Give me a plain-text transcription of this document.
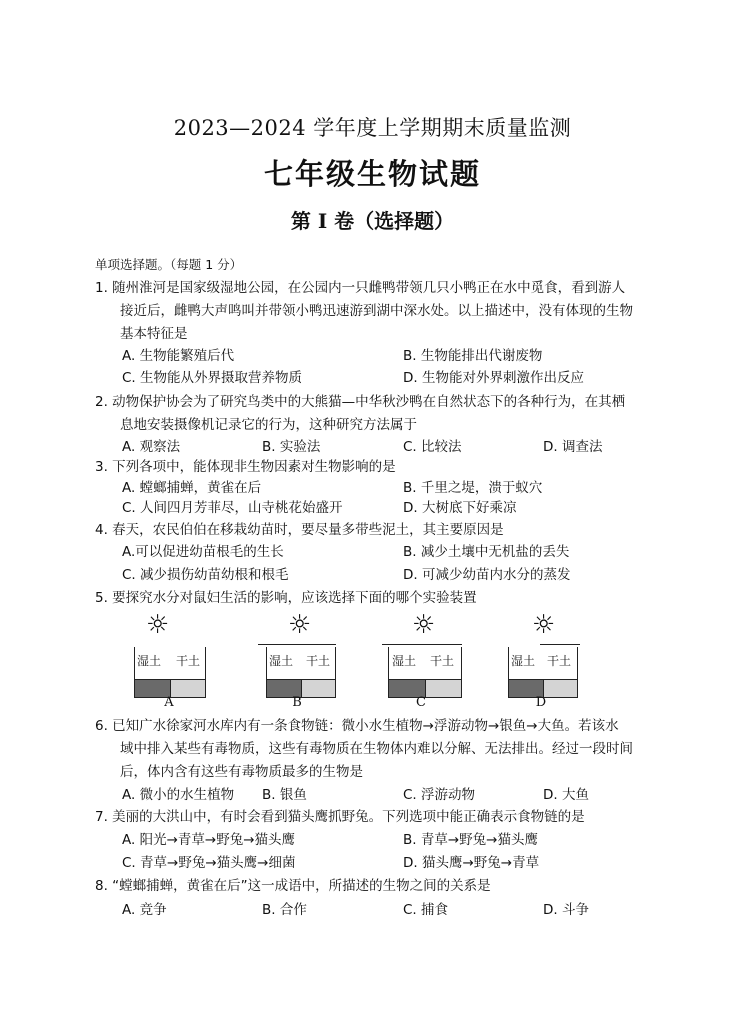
2023—2024 学年度上学期期末质量监测
七年级生物试题
第 I 卷（选择题）
单项选择题。（每题 1 分）
1. 随州淮河是国家级湿地公园，在公园内一只雌鸭带领几只小鸭正在水中觅食，看到游人
接近后，雌鸭大声鸣叫并带领小鸭迅速游到湖中深水处。以上描述中，没有体现的生物
基本特征是
A. 生物能繁殖后代	B. 生物能排出代谢废物
C. 生物能从外界摄取营养物质	D. 生物能对外界刺激作出反应
2. 动物保护协会为了研究鸟类中的大熊猫—中华秋沙鸭在自然状态下的各种行为，在其栖
息地安装摄像机记录它的行为，这种研究方法属于
A. 观察法	B. 实验法	C. 比较法	D. 调查法
3. 下列各项中，能体现非生物因素对生物影响的是
A. 螳螂捕蝉，黄雀在后	B. 千里之堤，溃于蚁穴
C. 人间四月芳菲尽，山寺桃花始盛开	D. 大树底下好乘凉
4. 春天，农民伯伯在移栽幼苗时，要尽量多带些泥土，其主要原因是
A.可以促进幼苗根毛的生长	B. 减少土壤中无机盐的丢失
C. 减少损伤幼苗幼根和根毛	D. 可减少幼苗内水分的蒸发
5. 要探究水分对鼠妇生活的影响，应该选择下面的哪个实验装置
☼
湿土 干土
A
☼
湿土 干土
B
☼
湿土 干土
C
☼
湿土 干土
D
6. 已知广水徐家河水库内有一条食物链：微小水生植物→浮游动物→银鱼→大鱼。若该水
域中排入某些有毒物质，这些有毒物质在生物体内难以分解、无法排出。经过一段时间
后，体内含有这些有毒物质最多的生物是
A. 微小的水生植物 B. 银鱼	C. 浮游动物	D. 大鱼
7. 美丽的大洪山中，有时会看到猫头鹰抓野兔。下列选项中能正确表示食物链的是
A. 阳光→青草→野兔→猫头鹰	B. 青草→野兔→猫头鹰
C. 青草→野兔→猫头鹰→细菌	D. 猫头鹰→野兔→青草
8. “螳螂捕蝉，黄雀在后”这一成语中，所描述的生物之间的关系是
A. 竞争	B. 合作	C. 捕食	D. 斗争
